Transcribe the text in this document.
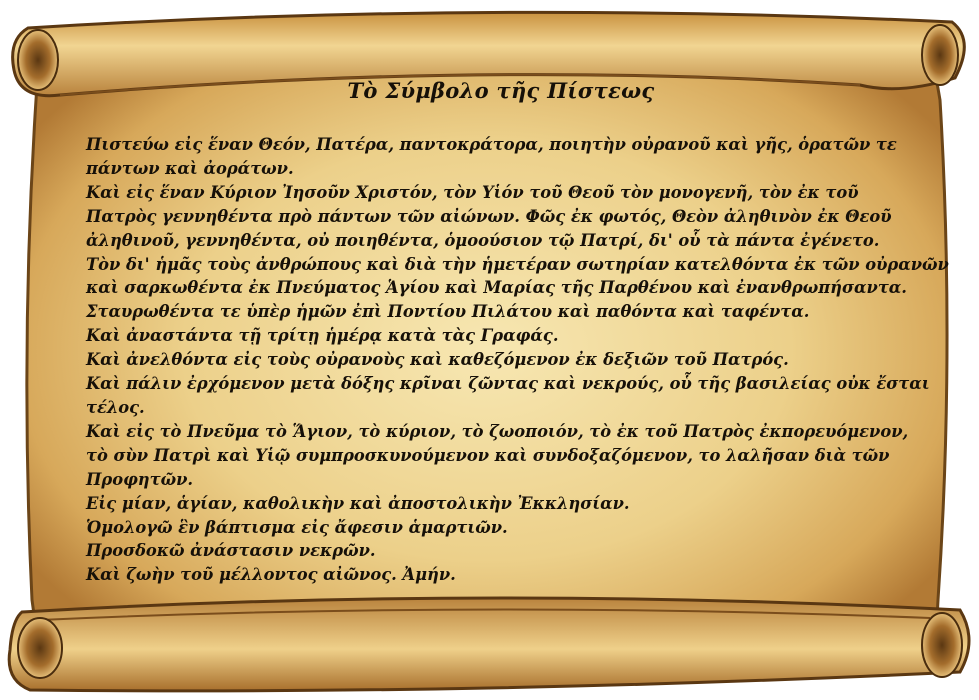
Τὸ Σύμβολο τῆς Πίστεως
Πιστεύω εἰς ἕναν Θεόν, Πατέρα, παντοκράτορα, ποιητὴν οὐρανοῦ καὶ γῆς, ὁρατῶν τε
πάντων καὶ ἀοράτων.
Καὶ εἰς ἕναν Κύριον Ἰησοῦν Χριστόν, τὸν Υἱόν τοῦ Θεοῦ τὸν μονογενῆ, τὸν ἐκ τοῦ
Πατρὸς γεννηθέντα πρὸ πάντων τῶν αἰώνων. Φῶς ἐκ φωτός, Θεὸν ἀληθινὸν ἐκ Θεοῦ
ἀληθινοῦ, γεννηθέντα, οὐ ποιηθέντα, ὁμοούσιον τῷ Πατρί, δι' οὗ τὰ πάντα ἐγένετο.
Τὸν δι' ἡμᾶς τοὺς ἀνθρώπους καὶ διὰ τὴν ἡμετέραν σωτηρίαν κατελθόντα ἐκ τῶν οὐρανῶν
καὶ σαρκωθέντα ἐκ Πνεύματος Ἁγίου καὶ Μαρίας τῆς Παρθένου καὶ ἐνανθρωπήσαντα.
Σταυρωθέντα τε ὑπὲρ ἡμῶν ἐπὶ Ποντίου Πιλάτου καὶ παθόντα καὶ ταφέντα.
Καὶ ἀναστάντα τῇ τρίτῃ ἡμέρᾳ κατὰ τὰς Γραφάς.
Καὶ ἀνελθόντα εἰς τοὺς οὐρανοὺς καὶ καθεζόμενον ἐκ δεξιῶν τοῦ Πατρός.
Καὶ πάλιν ἐρχόμενον μετὰ δόξης κρῖναι ζῶντας καὶ νεκρούς, οὗ τῆς βασιλείας οὐκ ἔσται
τέλος.
Καὶ εἰς τὸ Πνεῦμα τὸ Ἅγιον, τὸ κύριον, τὸ ζωοποιόν, τὸ ἐκ τοῦ Πατρὸς ἐκπορευόμενον,
τὸ σὺν Πατρὶ καὶ Υἱῷ συμπροσκυνούμενον καὶ συνδοξαζόμενον, το λαλῆσαν διὰ τῶν
Προφητῶν.
Εἰς μίαν, ἁγίαν, καθολικὴν καὶ ἀποστολικὴν Ἐκκλησίαν.
Ὁμολογῶ ἓν βάπτισμα εἰς ἄφεσιν ἁμαρτιῶν.
Προσδοκῶ ἀνάστασιν νεκρῶν.
Καὶ ζωὴν τοῦ μέλλοντος αἰῶνος. Ἀμήν.
